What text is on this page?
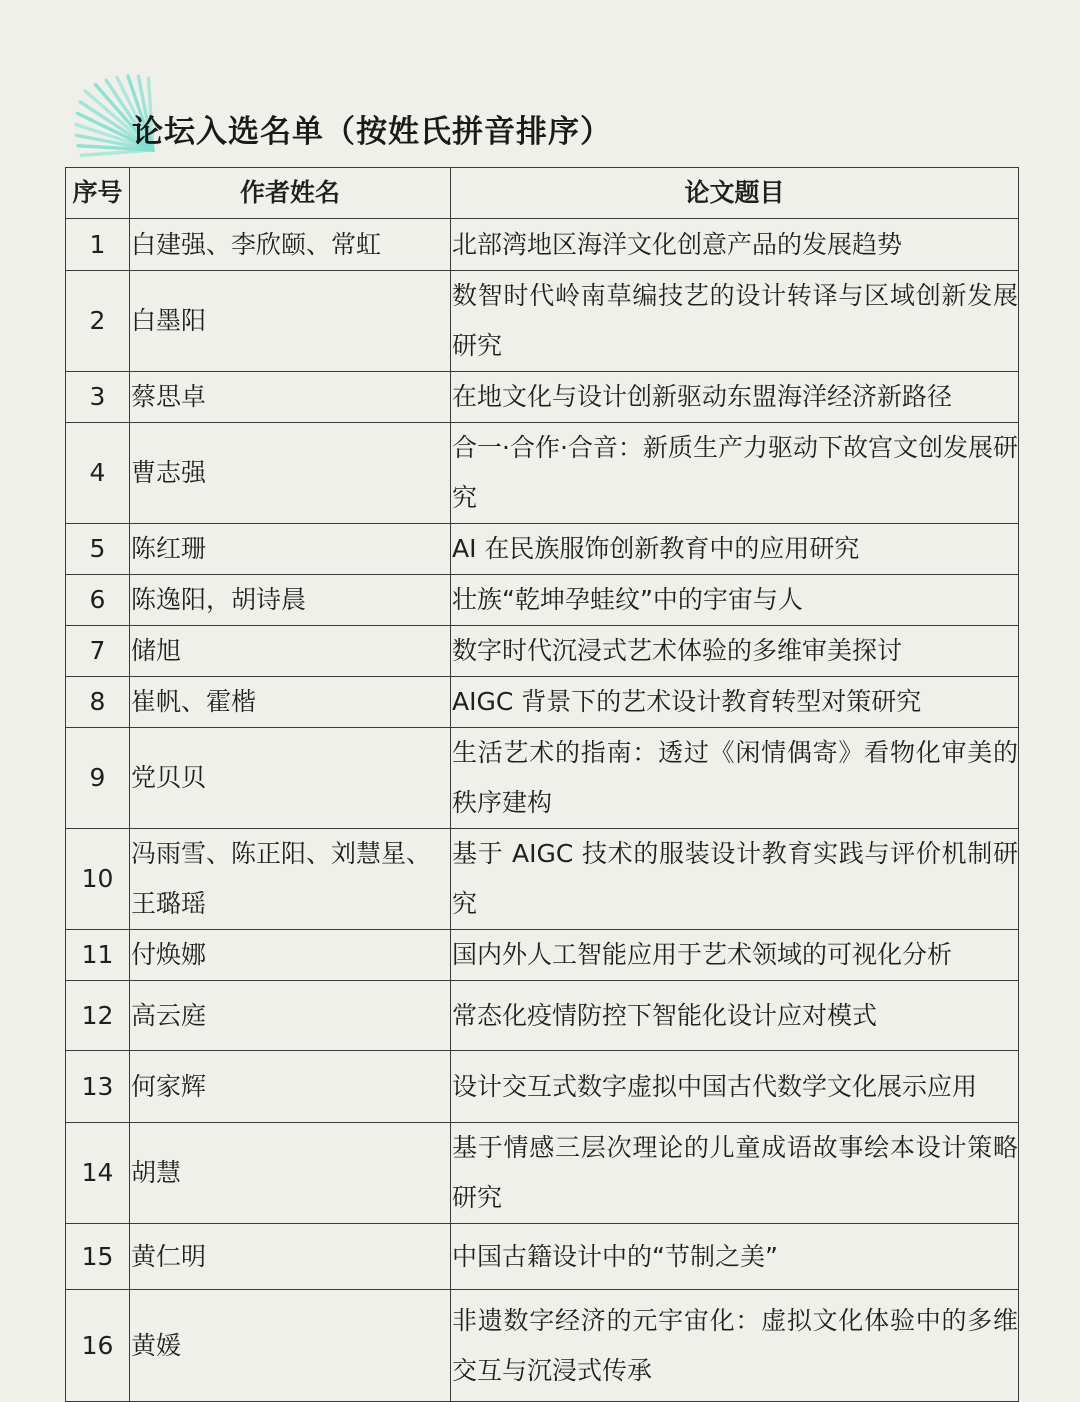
论坛入选名单（按姓氏拼音排序）
序号	作者姓名	论文题目
1	白建强、李欣颐、常虹	北部湾地区海洋文化创意产品的发展趋势
2	白墨阳	数智时代岭南草编技艺的设计转译与区域创新发展研究
3	蔡思卓	在地文化与设计创新驱动东盟海洋经济新路径
4	曹志强	合一·合作·合音：新质生产力驱动下故宫文创发展研究
5	陈红珊	AI 在民族服饰创新教育中的应用研究
6	陈逸阳，胡诗晨	壮族“乾坤孕蛙纹”中的宇宙与人
7	储旭	数字时代沉浸式艺术体验的多维审美探讨
8	崔帆、霍楷	AIGC 背景下的艺术设计教育转型对策研究
9	党贝贝	生活艺术的指南：透过《闲情偶寄》看物化审美的秩序建构
10	冯雨雪、陈正阳、刘慧星、王璐瑶	基于 AIGC 技术的服装设计教育实践与评价机制研究
11	付焕娜	国内外人工智能应用于艺术领域的可视化分析
12	高云庭	常态化疫情防控下智能化设计应对模式
13	何家辉	设计交互式数字虚拟中国古代数学文化展示应用
14	胡慧	基于情感三层次理论的儿童成语故事绘本设计策略研究
15	黄仁明	中国古籍设计中的“节制之美”
16	黄媛	非遗数字经济的元宇宙化：虚拟文化体验中的多维交互与沉浸式传承
